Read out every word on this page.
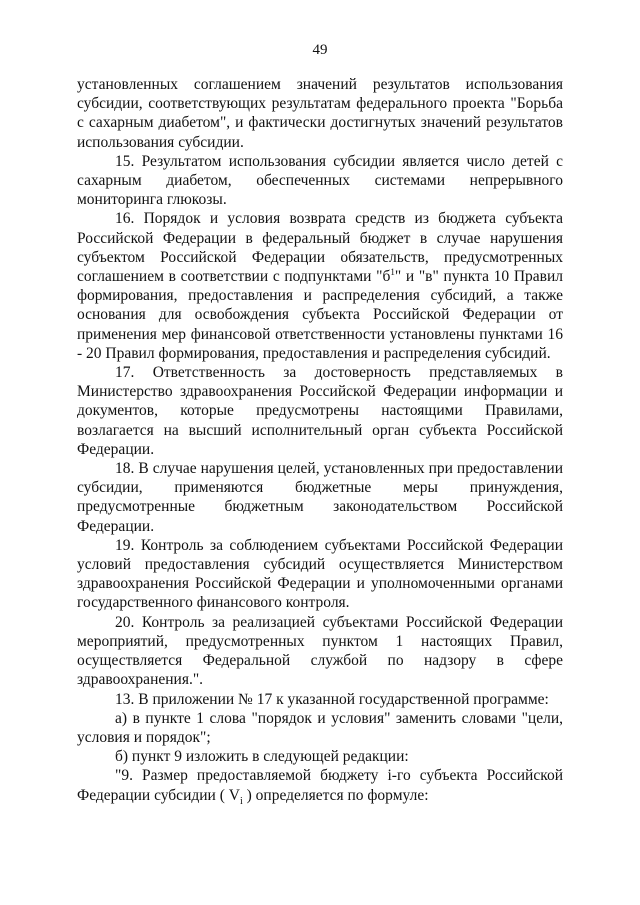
49

установленных соглашением значений результатов использования субсидии, соответствующих результатам федерального проекта "Борьба с сахарным диабетом", и фактически достигнутых значений результатов использования субсидии.

15. Результатом использования субсидии является число детей с сахарным диабетом, обеспеченных системами непрерывного мониторинга глюкозы.

16. Порядок и условия возврата средств из бюджета субъекта Российской Федерации в федеральный бюджет в случае нарушения субъектом Российской Федерации обязательств, предусмотренных соглашением в соответствии с подпунктами "$б^1$" и "в" пункта 10 Правил формирования, предоставления и распределения субсидий, а также основания для освобождения субъекта Российской Федерации от применения мер финансовой ответственности установлены пунктами 16 - 20 Правил формирования, предоставления и распределения субсидий.

17. Ответственность за достоверность представляемых в Министерство здравоохранения Российской Федерации информации и документов, которые предусмотрены настоящими Правилами, возлагается на высший исполнительный орган субъекта Российской Федерации.

18. В случае нарушения целей, установленных при предоставлении субсидии, применяются бюджетные меры принуждения, предусмотренные бюджетным законодательством Российской Федерации.

19. Контроль за соблюдением субъектами Российской Федерации условий предоставления субсидий осуществляется Министерством здравоохранения Российской Федерации и уполномоченными органами государственного финансового контроля.

20. Контроль за реализацией субъектами Российской Федерации мероприятий, предусмотренных пунктом 1 настоящих Правил, осуществляется Федеральной службой по надзору в сфере здравоохранения.".

13. В приложении № 17 к указанной государственной программе:

а) в пункте 1 слова "порядок и условия" заменить словами "цели, условия и порядок";

б) пункт 9 изложить в следующей редакции:

"9. Размер предоставляемой бюджету i-го субъекта Российской Федерации субсидии ( $V_i$ ) определяется по формуле:
